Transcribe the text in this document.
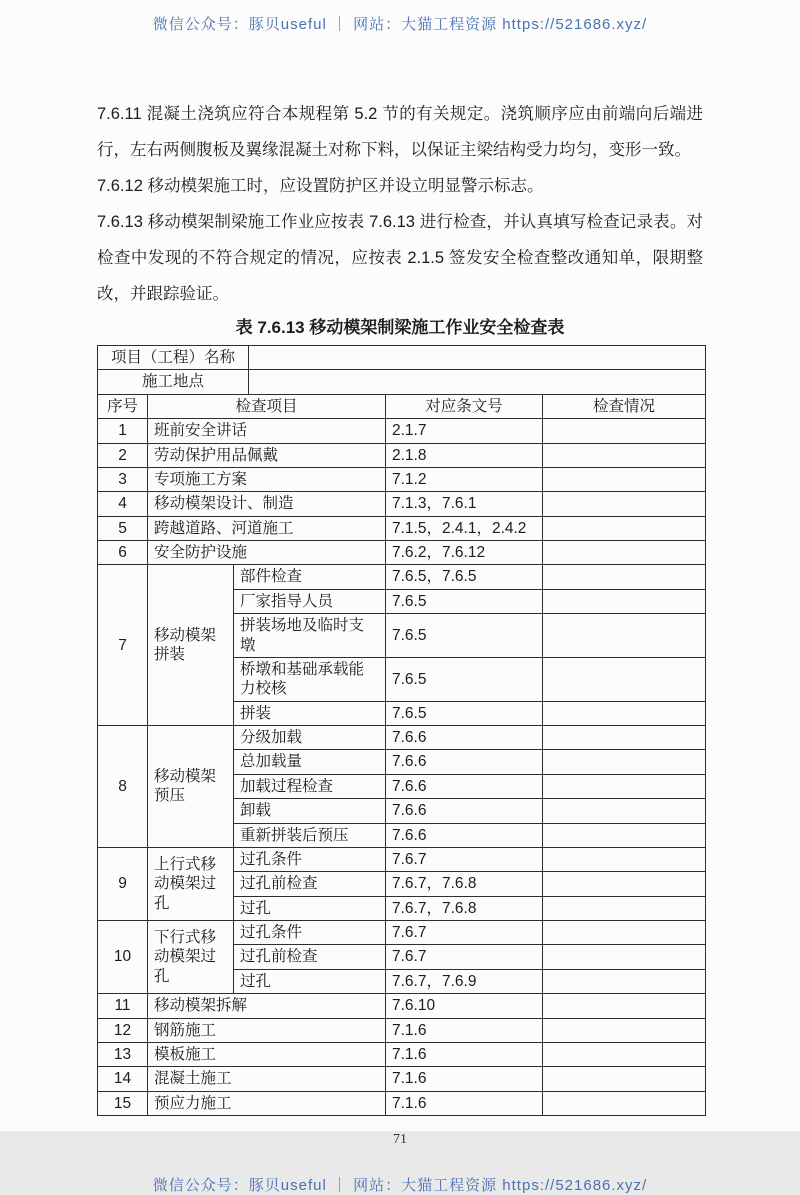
微信公众号：豚贝useful ｜ 网站：大猫工程资源 https://521686.xyz/
7.6.11 混凝土浇筑应符合本规程第 5.2 节的有关规定。浇筑顺序应由前端向后端进行，左右两侧腹板及翼缘混凝土对称下料，以保证主梁结构受力均匀，变形一致。
7.6.12 移动模架施工时，应设置防护区并设立明显警示标志。
7.6.13 移动模架制梁施工作业应按表 7.6.13 进行检查，并认真填写检查记录表。对检查中发现的不符合规定的情况，应按表 2.1.5 签发安全检查整改通知单，限期整改，并跟踪验证。
表 7.6.13 移动模架制梁施工作业安全检查表
项目（工程）名称					
施工地点					
序号	检查项目			对应条文号	检查情况
1	班前安全讲话			2.1.7	
2	劳动保护用品佩戴			2.1.8	
3	专项施工方案			7.1.2	
4	移动模架设计、制造			7.1.3，7.6.1	
5	跨越道路、河道施工			7.1.5，2.4.1，2.4.2	
6	安全防护设施			7.6.2，7.6.12	
7	移动模架拼装	部件检查		7.6.5，7.6.5	
		厂家指导人员		7.6.5	
		拼装场地及临时支墩		7.6.5	
		桥墩和基础承载能力校核		7.6.5	
		拼装		7.6.5	
8	移动模架预压	分级加载		7.6.6	
		总加载量		7.6.6	
		加载过程检查		7.6.6	
		卸载		7.6.6	
		重新拼装后预压		7.6.6	
9	上行式移动模架过孔	过孔条件		7.6.7	
		过孔前检查		7.6.7，7.6.8	
		过孔		7.6.7，7.6.8	
10	下行式移动模架过孔	过孔条件		7.6.7	
		过孔前检查		7.6.7	
		过孔		7.6.7，7.6.9	
11	移动模架拆解			7.6.10	
12	钢筋施工			7.1.6	
13	模板施工			7.1.6	
14	混凝土施工			7.1.6	
15	预应力施工			7.1.6	
71
微信公众号：豚贝useful ｜ 网站：大猫工程资源 https://521686.xyz/
